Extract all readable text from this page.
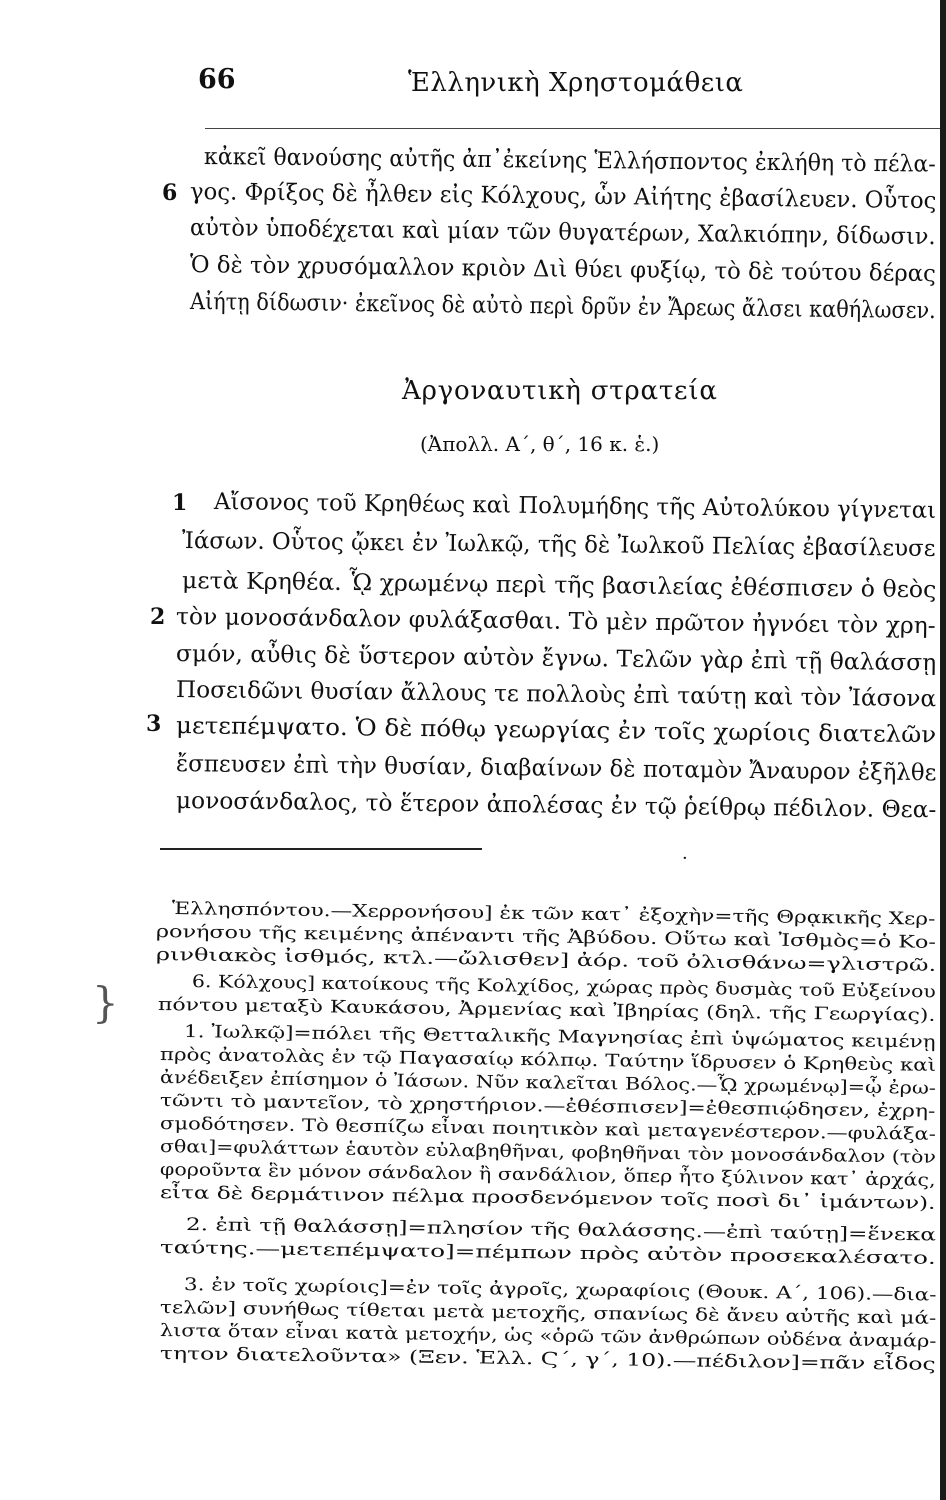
66	Ἑλληνικὴ Χρηστομάθεια
κἀκεῖ θανούσης αὐτῆς ἀπ᾿ἐκείνης Ἑλλήσποντος ἐκλήθη τὸ πέλα-
6 γος. Φρίξος δὲ ἦλθεν εἰς Κόλχους, ὧν Αἰήτης ἐβασίλευεν. Οὗτος
αὐτὸν ὑποδέχεται καὶ μίαν τῶν θυγατέρων, Χαλκιόπην, δίδωσιν.
Ὁ δὲ τὸν χρυσόμαλλον κριὸν Διὶ θύει φυξίῳ, τὸ δὲ τούτου δέρας
Αἰήτῃ δίδωσιν· ἐκεῖνος δὲ αὐτὸ περὶ δρῦν ἐν Ἄρεως ἄλσει καθήλωσεν.
Ἀργοναυτικὴ στρατεία
(Ἀπολλ. Α΄, θ΄, 16 κ. ἑ.)
1 Αἴσονος τοῦ Κρηθέως καὶ Πολυμήδης τῆς Αὐτολύκου γίγνεται
Ἰάσων. Οὗτος ᾤκει ἐν Ἰωλκῷ, τῆς δὲ Ἰωλκοῦ Πελίας ἐβασίλευσε
μετὰ Κρηθέα. ᾯ χρωμένῳ περὶ τῆς βασιλείας ἐθέσπισεν ὁ θεὸς
2 τὸν μονοσάνδαλον φυλάξασθαι. Τὸ μὲν πρῶτον ἠγνόει τὸν χρη-
σμόν, αὖθις δὲ ὕστερον αὐτὸν ἔγνω. Τελῶν γὰρ ἐπὶ τῇ θαλάσσῃ
Ποσειδῶνι θυσίαν ἄλλους τε πολλοὺς ἐπὶ ταύτῃ καὶ τὸν Ἰάσονα
3 μετεπέμψατο. Ὁ δὲ πόθῳ γεωργίας ἐν τοῖς χωρίοις διατελῶν
ἔσπευσεν ἐπὶ τὴν θυσίαν, διαβαίνων δὲ ποταμὸν Ἄναυρον ἐξῆλθε
μονοσάνδαλος, τὸ ἕτερον ἀπολέσας ἐν τῷ ῥείθρῳ πέδιλον. Θεα-
·
}
Ἑλλησπόντου.—Χερρονήσου] ἐκ τῶν κατ᾿ ἐξοχὴν=τῆς Θρᾳκικῆς Χερ-
ρονήσου τῆς κειμένης ἀπέναντι τῆς Ἀβύδου. Οὕτω καὶ Ἰσθμὸς=ὁ Κο-
ρινθιακὸς ἰσθμός, κτλ.—ὤλισθεν] ἀόρ. τοῦ ὀλισθάνω=γλιστρῶ.
6. Κόλχους] κατοίκους τῆς Κολχίδος, χώρας πρὸς δυσμὰς τοῦ Εὐξείνου
πόντου μεταξὺ Καυκάσου, Ἀρμενίας καὶ Ἰβηρίας (δηλ. τῆς Γεωργίας).
1. Ἰωλκῷ]=πόλει τῆς Θετταλικῆς Μαγνησίας ἐπὶ ὑψώματος κειμένῃ
πρὸς ἀνατολὰς ἐν τῷ Παγασαίῳ κόλπῳ. Ταύτην ἵδρυσεν ὁ Κρηθεὺς καὶ
ἀνέδειξεν ἐπίσημον ὁ Ἰάσων. Νῦν καλεῖται Βόλος.—ᾯ χρωμένῳ]=ᾧ ἐρω-
τῶντι τὸ μαντεῖον, τὸ χρηστήριον.—ἐθέσπισεν]=ἐθεσπιῴδησεν, ἐχρη-
σμοδότησεν. Τὸ θεσπίζω εἶναι ποιητικὸν καὶ μεταγενέστερον.—φυλάξα-
σθαι]=φυλάττων ἑαυτὸν εὐλαβηθῆναι, φοβηθῆναι τὸν μονοσάνδαλον (τὸν
φοροῦντα ἓν μόνον σάνδαλον ἢ σανδάλιον, ὅπερ ἦτο ξύλινον κατ᾿ ἀρχάς,
εἶτα δὲ δερμάτινον πέλμα προσδενόμενον τοῖς ποσὶ δι᾿ ἱμάντων).
2. ἐπὶ τῇ θαλάσσῃ]=πλησίον τῆς θαλάσσης.—ἐπὶ ταύτῃ]=ἕνεκα
ταύτης.—μετεπέμψατο]=πέμπων πρὸς αὐτὸν προσεκαλέσατο.
3. ἐν τοῖς χωρίοις]=ἐν τοῖς ἀγροῖς, χωραφίοις (Θουκ. Α΄, 106).—δια-
τελῶν] συνήθως τίθεται μετὰ μετοχῆς, σπανίως δὲ ἄνευ αὐτῆς καὶ μά-
λιστα ὅταν εἶναι κατὰ μετοχήν, ὡς «ὁρῶ τῶν ἀνθρώπων οὐδένα ἀναμάρ-
τητον διατελοῦντα» (Ξεν. Ἑλλ. Ϛ΄, γ΄, 10).—πέδιλον]=πᾶν εἶδος
